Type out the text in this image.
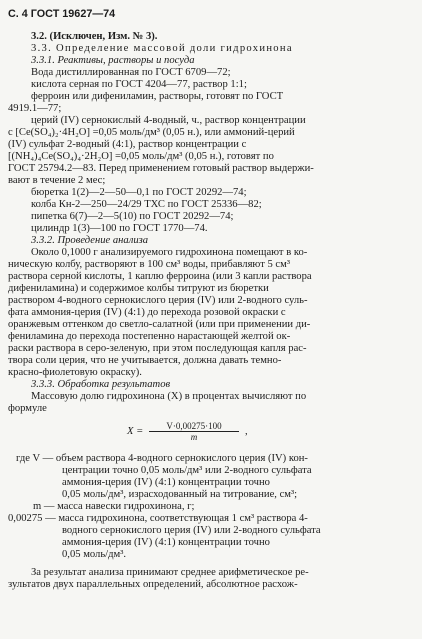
С. 4 ГОСТ 19627—74
3.2. (Исключен, Изм. № 3).
3.3. Определение массовой доли гидрохинона
3.3.1. Реактивы, растворы и посуда
Вода дистиллированная по ГОСТ 6709—72;
кислота серная по ГОСТ 4204—77, раствор 1:1;
ферроин или дифениламин, растворы, готовят по ГОСТ
4919.1—77;
церий (IV) сернокислый 4-водный, ч., раствор концентрации
с [Ce(SO₄)₂·4H₂O] =0,05 моль/дм³ (0,05 н.), или аммоний-церий
(IV) сульфат 2-водный (4:1), раствор концентрации с
[(NH₄)₄Ce(SO₄)₄·2H₂O] =0,05 моль/дм³ (0,05 н.), готовят по
ГОСТ 25794.2—83. Перед применением готовый раствор выдержи-
вают в течение 2 мес;
бюретка 1(2)—2—50—0,1 по ГОСТ 20292—74;
колба Кн-2—250—24/29 ТХС по ГОСТ 25336—82;
пипетка 6(7)—2—5(10) по ГОСТ 20292—74;
цилиндр 1(3)—100 по ГОСТ 1770—74.
3.3.2. Проведение анализа
Около 0,1000 г анализируемого гидрохинона помещают в ко-
ническую колбу, растворяют в 100 см³ воды, прибавляют 5 см³
раствора серной кислоты, 1 каплю ферроина (или 3 капли раствора
дифениламина) и содержимое колбы титруют из бюретки
раствором 4-водного сернокислого церия (IV) или 2-водного суль-
фата аммония-церия (IV) (4:1) до перехода розовой окраски с
оранжевым оттенком до светло-салатной (или при применении ди-
фениламина до перехода постепенно нарастающей желтой ок-
раски раствора в серо-зеленую, при этом последующая капля рас-
твора соли церия, что не учитывается, должна давать темно-
красно-фиолетовую окраску).
3.3.3. Обработка результатов
Массовую долю гидрохинона (X) в процентах вычисляют по
формуле
$X = \frac{V\cdot 0,00275\cdot 100}{m}$ ,
где V — объем раствора 4-водного сернокислого церия (IV) кон-
центрации точно 0,05 моль/дм³ или 2-водного сульфата
аммония-церия (IV) (4:1) концентрации точно
0,05 моль/дм³, израсходованный на титрование, см³;
m — масса навески гидрохинона, г;
0,00275 — масса гидрохинона, соответствующая 1 см³ раствора 4-
водного сернокислого церия (IV) или 2-водного сульфата
аммония-церия (IV) (4:1) концентрации точно
0,05 моль/дм³.
За результат анализа принимают среднее арифметическое ре-
зультатов двух параллельных определений, абсолютное расхож-
